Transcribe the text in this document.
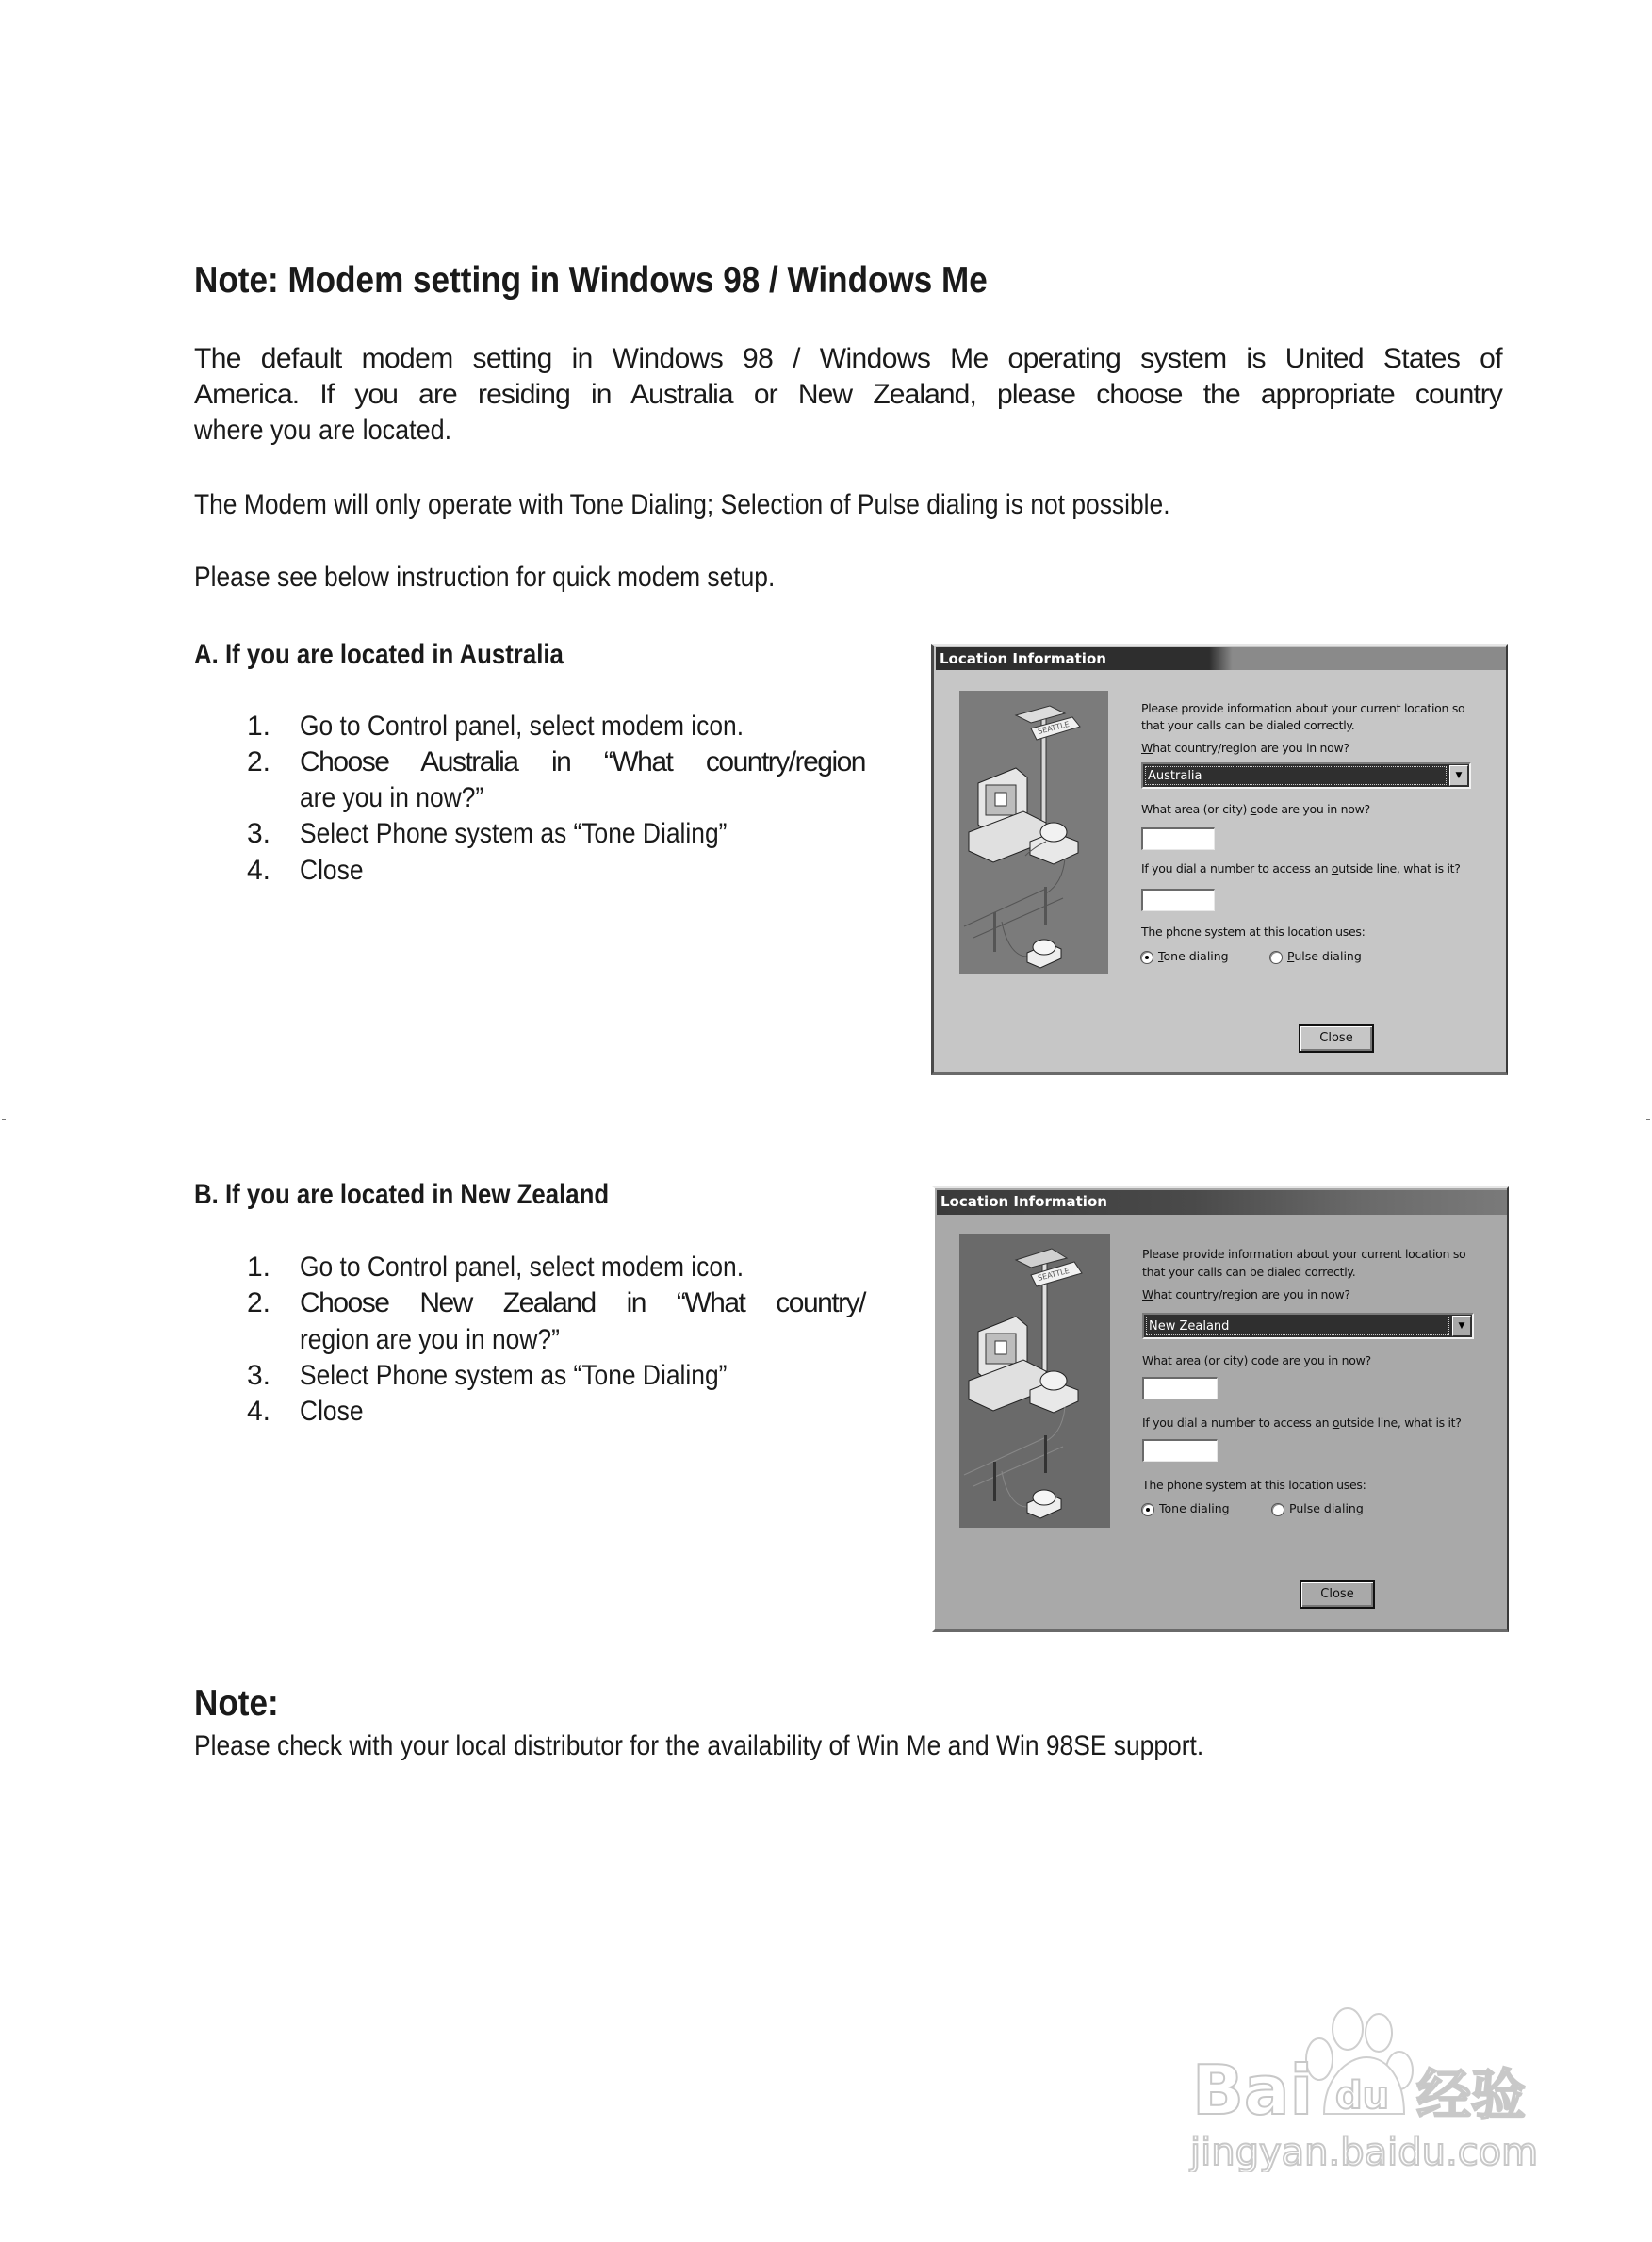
Note: Modem setting in Windows 98 / Windows Me
The default modem setting in Windows 98 / Windows Me operating system is United States of
America. If you are residing in Australia or New Zealand, please choose the appropriate country
where you are located.
The Modem will only operate with Tone Dialing; Selection of Pulse dialing is not possible.
Please see below instruction for quick modem setup.
A. If you are located in Australia
1. Go to Control panel, select modem icon.
2. Choose Australia in “What country/region
are you in now?”
3. Select Phone system as “Tone Dialing”
4. Close
B. If you are located in New Zealand
1. Go to Control panel, select modem icon.
2. Choose New Zealand in “What country/
region are you in now?”
3. Select Phone system as “Tone Dialing”
4. Close
Note:
Please check with your local distributor for the availability of Win Me and Win 98SE support.
Location Information
SEATTLE
Please provide information about your current location so
that your calls can be dialed correctly.
What country/region are you in now?
Australia	▼
What area (or city) code are you in now?
If you dial a number to access an outside line, what is it?
The phone system at this location uses:
Tone dialing	Pulse dialing
Close
Location Information
SEATTLE
Please provide information about your current location so
that your calls can be dialed correctly.
What country/region are you in now?
New Zealand	▼
What area (or city) code are you in now?
If you dial a number to access an outside line, what is it?
The phone system at this location uses:
Tone dialing	Pulse dialing
Close
Bai du 经验
jingyan.baidu.com
